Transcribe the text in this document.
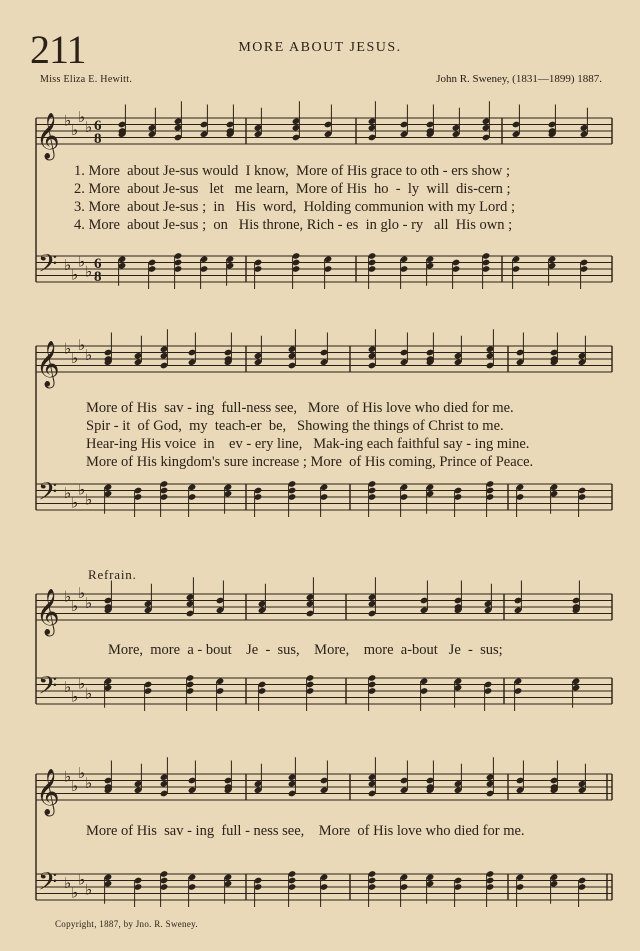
211	MORE ABOUT JESUS.
Miss Eliza E. Hewitt.	John R. Sweney, (1831—1899) 1887.
𝄞
𝄢
♭
♭
♭
♭
♭
♭
♭
♭
6
8
6
8
1. More  about Je-sus would  I know,  More of His grace to oth - ers show ;
2. More  about Je-sus   let   me learn,  More of His  ho  -  ly  will  dis-cern ;
3. More  about Je-sus ;  in   His  word,  Holding communion with my Lord ;
4. More  about Je-sus ;  on   His throne, Rich - es  in glo - ry   all  His own ;
𝄞
𝄢
♭
♭
♭
♭
♭
♭
♭
♭
More of His  sav - ing  full-ness see,   More  of His love who died for me.
Spir - it  of God,  my  teach-er  be,   Showing the things of Christ to me.
Hear-ing His voice  in    ev - ery line,   Mak-ing each faithful say - ing mine.
More of His kingdom's sure increase ; More  of His coming, Prince of Peace.
Refrain.
𝄞
𝄢
♭
♭
♭
♭
♭
♭
♭
♭
More,  more  a - bout    Je  -  sus,    More,    more  a-bout   Je  -  sus;
𝄞
𝄢
♭
♭
♭
♭
♭
♭
♭
♭
More of His  sav - ing  full - ness see,    More  of His love who died for me.
Copyright, 1887, by Jno. R. Sweney.
